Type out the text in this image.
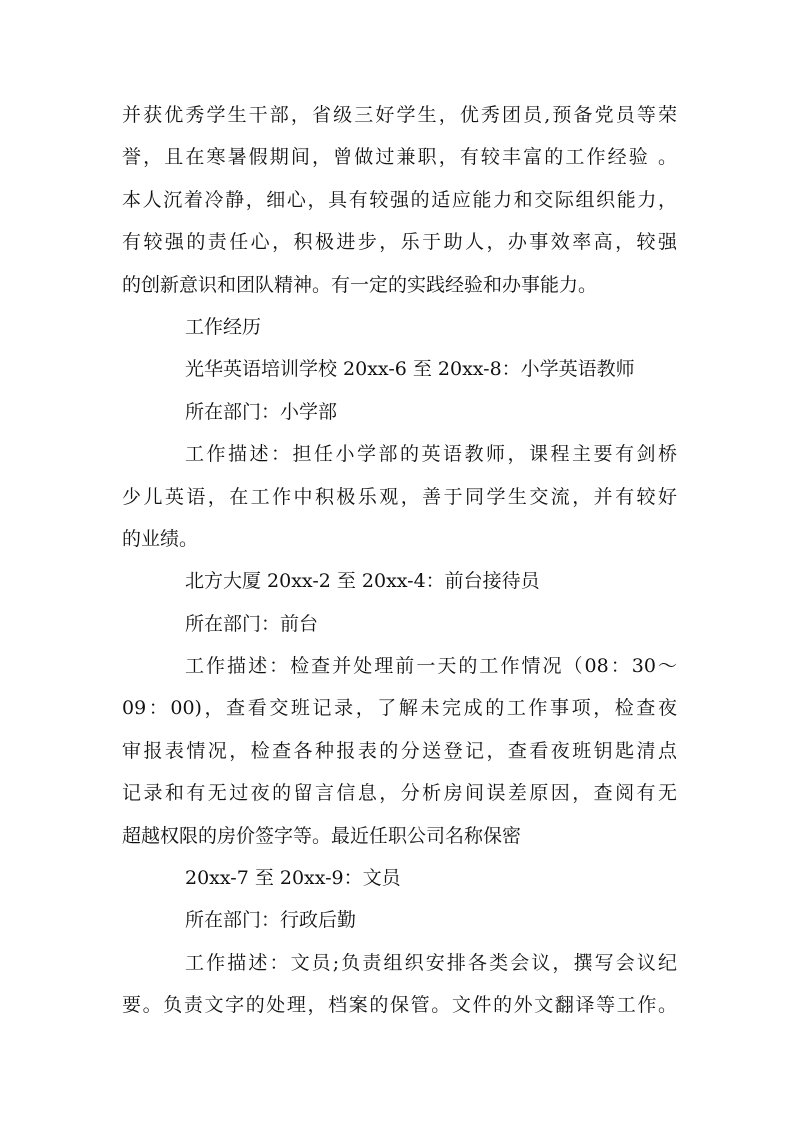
并获优秀学生干部，省级三好学生，优秀团员,预备党员等荣
誉，且在寒暑假期间，曾做过兼职，有较丰富的工作经验 。
本人沉着冷静，细心，具有较强的适应能力和交际组织能力，
有较强的责任心，积极进步，乐于助人，办事效率高，较强
的创新意识和团队精神。有一定的实践经验和办事能力。
工作经历
光华英语培训学校 20xx-6 至 20xx-8：小学英语教师
所在部门：小学部
工作描述：担任小学部的英语教师，课程主要有剑桥
少儿英语，在工作中积极乐观，善于同学生交流，并有较好
的业绩。
北方大厦 20xx-2 至 20xx-4：前台接待员
所在部门：前台
工作描述：检查并处理前一天的工作情况（08：30～
09：00)，查看交班记录，了解未完成的工作事项，检查夜
审报表情况，检查各种报表的分送登记，查看夜班钥匙清点
记录和有无过夜的留言信息，分析房间误差原因，查阅有无
超越权限的房价签字等。最近任职公司名称保密
20xx-7 至 20xx-9：文员
所在部门：行政后勤
工作描述：文员;负责组织安排各类会议，撰写会议纪
要。负责文字的处理，档案的保管。文件的外文翻译等工作。
